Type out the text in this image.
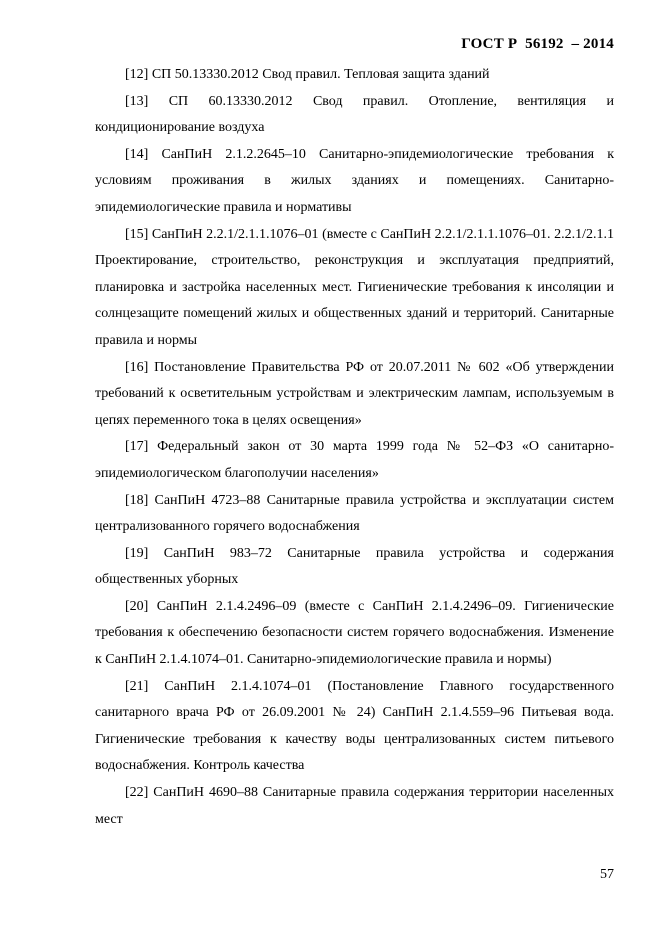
ГОСТ Р  56192  – 2014

[12] СП 50.13330.2012 Свод правил. Тепловая защита зданий

[13] СП 60.13330.2012 Свод правил. Отопление, вентиляция и кондиционирование воздуха

[14] СанПиН 2.1.2.2645–10 Санитарно-эпидемиологические требования к условиям проживания в жилых зданиях и помещениях. Санитарно-эпидемиологические правила и нормативы

[15] СанПиН 2.2.1/2.1.1.1076–01 (вместе с СанПиН 2.2.1/2.1.1.1076–01. 2.2.1/2.1.1 Проектирование, строительство, реконструкция и эксплуатация предприятий, планировка и застройка населенных мест. Гигиенические требования к инсоляции и солнцезащите помещений жилых и общественных зданий и территорий. Санитарные правила и нормы

[16] Постановление Правительства РФ от 20.07.2011 № 602 «Об утверждении требований к осветительным устройствам и электрическим лампам, используемым в цепях переменного тока в целях освещения»

[17] Федеральный закон от 30 марта 1999 года № 52–ФЗ «О санитарно-эпидемиологическом благополучии населения»

[18] СанПиН 4723–88 Санитарные правила устройства и эксплуатации систем централизованного горячего водоснабжения

[19] СанПиН 983–72 Санитарные правила устройства и содержания общественных уборных

[20] СанПиН 2.1.4.2496–09 (вместе с СанПиН 2.1.4.2496–09. Гигиенические требования к обеспечению безопасности систем горячего водоснабжения. Изменение к СанПиН 2.1.4.1074–01. Санитарно-эпидемиологические правила и нормы)

[21] СанПиН 2.1.4.1074–01 (Постановление Главного государственного санитарного врача РФ от 26.09.2001 № 24) СанПиН 2.1.4.559–96 Питьевая вода. Гигиенические требования к качеству воды централизованных систем питьевого водоснабжения. Контроль качества

[22] СанПиН 4690–88 Санитарные правила содержания территории населенных мест

57
